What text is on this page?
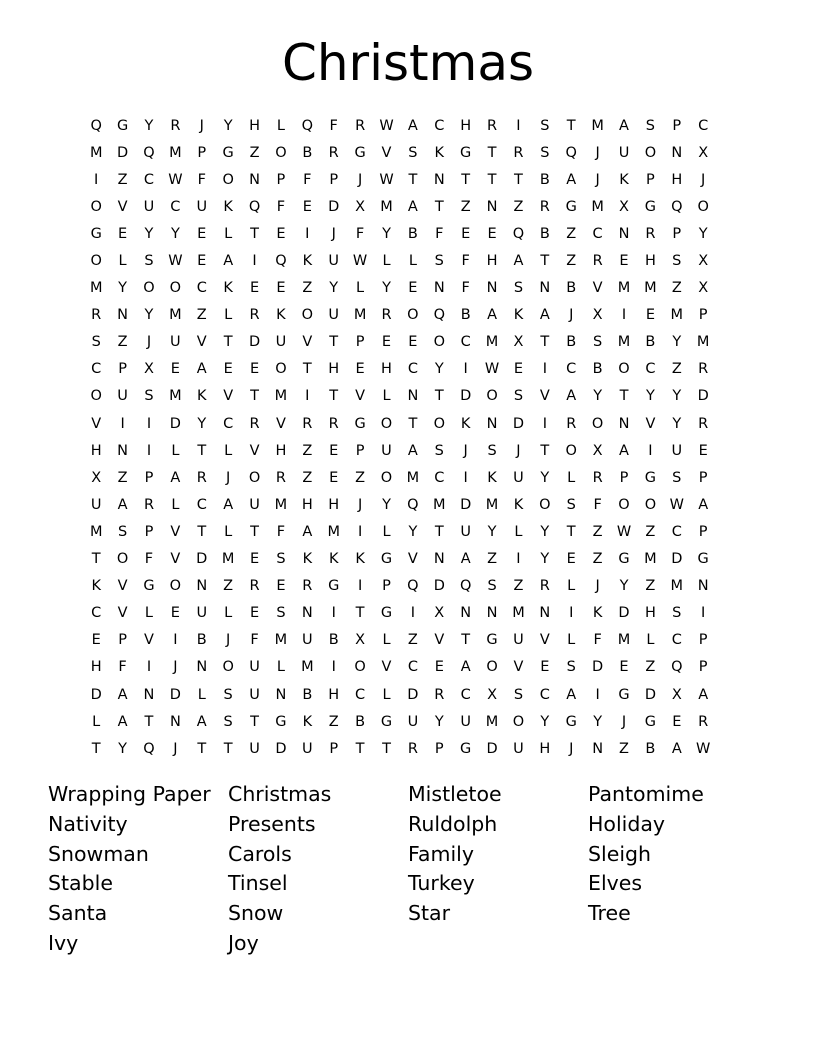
Christmas
Q	G	Y	R	J	Y	H	L	Q	F	R W A	C	H	R	I	S	T	M	A	S	P	C
M	D	Q M	P	G	Z	O	B	R	G	V	S	K	G	T	R	S	Q	J	U	O	N	X
I	Z	C W	F	O	N	P	F	P	J	W	T	N	T	T	T	B	A	J	K	P	H	J
O	V	U	C	U	K	Q	F	E	D	X	M	A	T	Z	N	Z	R	G	M	X	G	Q	O
G	E	Y	Y	E	L	T	E	I	J	F	Y	B	F	E	E	Q	B	Z	C	N	R	P	Y
O	L	S	W	E	A	I	Q	K	U W	L	L	S	F	H	A	T	Z	R	E	H	S	X
M	Y	O	O	C	K	E	E	Z	Y	L	Y	E	N	F	N	S	N	B	V	M M	Z	X
R	N	Y	M	Z	L	R	K	O	U	M	R	O	Q	B	A	K	A	J	X	I	E	M	P
S	Z	J	U	V	T	D	U	V	T	P	E	E	O	C	M	X	T	B	S	M	B	Y	M
C	P	X	E	A	E	E	O	T	H	E	H	C	Y	I	W	E	I	C	B	O	C	Z	R
O	U	S	M	K	V	T	M	I	T	V	L	N	T	D	O	S	V	A	Y	T	Y	Y	D
V	I	I	D	Y	C	R	V	R	R	G	O	T	O	K	N	D	I	R	O	N	V	Y	R
H	N	I	L	T	L	V	H	Z	E	P	U	A	S	J	S	J	T	O	X	A	I	U	E
X	Z	P	A	R	J	O	R	Z	E	Z	O M	C	I	K	U	Y	L	R	P	G	S	P
U	A	R	L	C	A	U	M	H	H	J	Y	Q M	D	M	K	O	S	F	O	O W A
M	S	P	V	T	L	T	F	A	M	I	L	Y	T	U	Y	L	Y	T	Z W Z	C	P
T	O	F	V	D	M	E	S	K	K	K	G	V	N	A	Z	I	Y	E	Z	G	M	D	G
K	V	G	O	N	Z	R	E	R	G	I	P	Q	D	Q	S	Z	R	L	J	Y	Z	M	N
C	V	L	E	U	L	E	S	N	I	T	G	I	X	N	N	M	N	I	K	D	H	S	I
E	P	V	I	B	J	F	M	U	B	X	L	Z	V	T	G	U	V	L	F	M	L	C	P
H	F	I	J	N	O	U	L	M	I	O	V	C	E	A	O	V	E	S	D	E	Z	Q	P
D	A	N	D	L	S	U	N	B	H	C	L	D	R	C	X	S	C	A	I	G	D	X	A
L	A	T	N	A	S	T	G	K	Z	B	G	U	Y	U	M O	Y	G	Y	J	G	E	R
T	Y	Q	J	T	T	U	D	U	P	T	T	R	P	G	D	U	H	J	N	Z	B	A W
Wrapping Paper
Nativity
Snowman
Stable
Santa
Ivy
Christmas
Presents
Carols
Tinsel
Snow
Joy
Mistletoe
Ruldolph
Family
Turkey
Star
Pantomime
Holiday
Sleigh
Elves
Tree
